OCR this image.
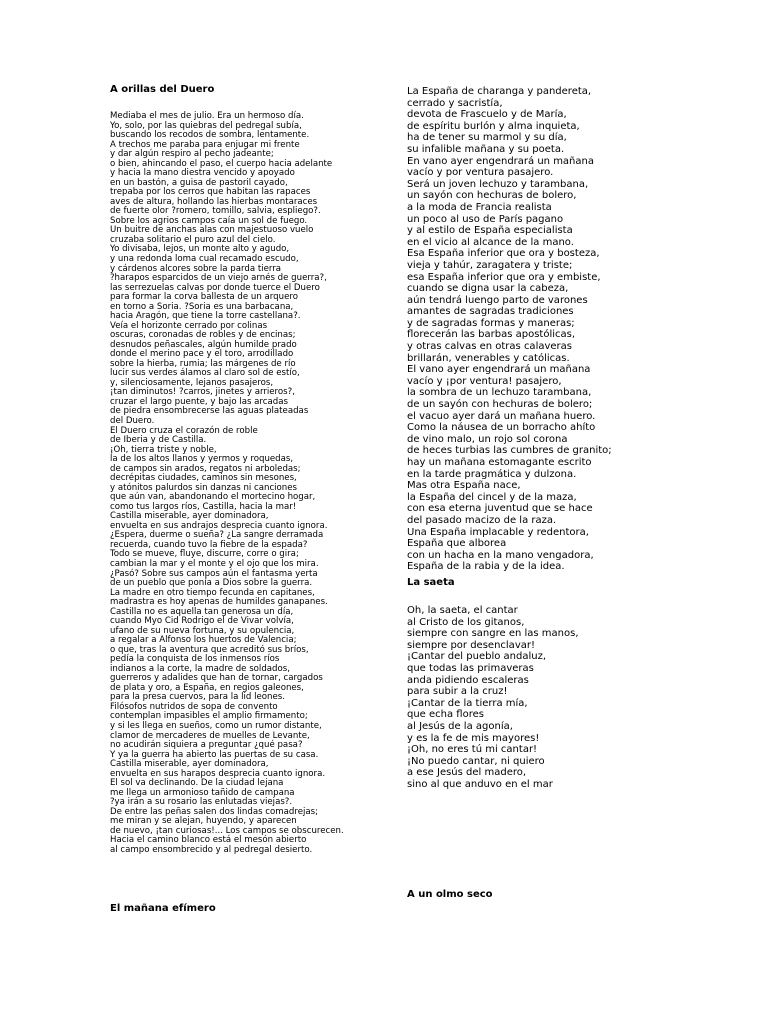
A orillas del Duero
Mediaba el mes de julio. Era un hermoso día.
Yo, solo, por las quiebras del pedregal subía,
buscando los recodos de sombra, lentamente.
A trechos me paraba para enjugar mi frente
y dar algún respiro al pecho jadeante;
o bien, ahincando el paso, el cuerpo hacia adelante
y hacia la mano diestra vencido y apoyado
en un bastón, a guisa de pastoril cayado,
trepaba por los cerros que habitan las rapaces
aves de altura, hollando las hierbas montaraces
de fuerte olor ?romero, tomillo, salvia, espliego?.
Sobre los agrios campos caía un sol de fuego.
Un buitre de anchas alas con majestuoso vuelo
cruzaba solitario el puro azul del cielo.
Yo divisaba, lejos, un monte alto y agudo,
y una redonda loma cual recamado escudo,
y cárdenos alcores sobre la parda tierra
?harapos esparcidos de un viejo arnés de guerra?,
las serrezuelas calvas por donde tuerce el Duero
para formar la corva ballesta de un arquero
en torno a Soria. ?Soria es una barbacana,
hacia Aragón, que tiene la torre castellana?.
Veía el horizonte cerrado por colinas
oscuras, coronadas de robles y de encinas;
desnudos peñascales, algún humilde prado
donde el merino pace y el toro, arrodillado
sobre la hierba, rumia; las márgenes de río
lucir sus verdes álamos al claro sol de estío,
y, silenciosamente, lejanos pasajeros,
¡tan diminutos! ?carros, jinetes y arrieros?,
cruzar el largo puente, y bajo las arcadas
de piedra ensombrecerse las aguas plateadas
del Duero.
El Duero cruza el corazón de roble
de Iberia y de Castilla.
¡Oh, tierra triste y noble,
la de los altos llanos y yermos y roquedas,
de campos sin arados, regatos ni arboledas;
decrépitas ciudades, caminos sin mesones,
y atónitos palurdos sin danzas ni canciones
que aún van, abandonando el mortecino hogar,
como tus largos ríos, Castilla, hacia la mar!
Castilla miserable, ayer dominadora,
envuelta en sus andrajos desprecia cuanto ignora.
¿Espera, duerme o sueña? ¿La sangre derramada
recuerda, cuando tuvo la fiebre de la espada?
Todo se mueve, fluye, discurre, corre o gira;
cambian la mar y el monte y el ojo que los mira.
¿Pasó? Sobre sus campos aún el fantasma yerta
de un pueblo que ponía a Dios sobre la guerra.
La madre en otro tiempo fecunda en capitanes,
madrastra es hoy apenas de humildes ganapanes.
Castilla no es aquella tan generosa un día,
cuando Myo Cid Rodrigo el de Vivar volvía,
ufano de su nueva fortuna, y su opulencia,
a regalar a Alfonso los huertos de Valencia;
o que, tras la aventura que acreditó sus bríos,
pedía la conquista de los inmensos ríos
indianos a la corte, la madre de soldados,
guerreros y adalides que han de tornar, cargados
de plata y oro, a España, en regios galeones,
para la presa cuervos, para la lid leones.
Filósofos nutridos de sopa de convento
contemplan impasibles el amplio firmamento;
y si les llega en sueños, como un rumor distante,
clamor de mercaderes de muelles de Levante,
no acudirán siquiera a preguntar ¿qué pasa?
Y ya la guerra ha abierto las puertas de su casa.
Castilla miserable, ayer dominadora,
envuelta en sus harapos desprecia cuanto ignora.
El sol va declinando. De la ciudad lejana
me llega un armonioso tañido de campana
?ya irán a su rosario las enlutadas viejas?.
De entre las peñas salen dos lindas comadrejas;
me miran y se alejan, huyendo, y aparecen
de nuevo, ¡tan curiosas!... Los campos se obscurecen.
Hacia el camino blanco está el mesón abierto
al campo ensombrecido y al pedregal desierto.
El mañana efímero
La España de charanga y pandereta,
cerrado y sacristía,
devota de Frascuelo y de María,
de espíritu burlón y alma inquieta,
ha de tener su marmol y su día,
su infalible mañana y su poeta.
En vano ayer engendrará un mañana
vacío y por ventura pasajero.
Será un joven lechuzo y tarambana,
un sayón con hechuras de bolero,
a la moda de Francia realista
un poco al uso de París pagano
y al estilo de España especialista
en el vicio al alcance de la mano.
Esa España inferior que ora y bosteza,
vieja y tahúr, zaragatera y triste;
esa España inferior que ora y embiste,
cuando se digna usar la cabeza,
aún tendrá luengo parto de varones
amantes de sagradas tradiciones
y de sagradas formas y maneras;
florecerán las barbas apostólicas,
y otras calvas en otras calaveras
brillarán, venerables y católicas.
El vano ayer engendrará un mañana
vacío y ¡por ventura! pasajero,
la sombra de un lechuzo tarambana,
de un sayón con hechuras de bolero;
el vacuo ayer dará un mañana huero.
Como la náusea de un borracho ahíto
de vino malo, un rojo sol corona
de heces turbias las cumbres de granito;
hay un mañana estomagante escrito
en la tarde pragmática y dulzona.
Mas otra España nace,
la España del cincel y de la maza,
con esa eterna juventud que se hace
del pasado macizo de la raza.
Una España implacable y redentora,
España que alborea
con un hacha en la mano vengadora,
España de la rabia y de la idea.
La saeta
Oh, la saeta, el cantar
al Cristo de los gitanos,
siempre con sangre en las manos,
siempre por desenclavar!
¡Cantar del pueblo andaluz,
que todas las primaveras
anda pidiendo escaleras
para subir a la cruz!
¡Cantar de la tierra mía,
que echa flores
al Jesús de la agonía,
y es la fe de mis mayores!
¡Oh, no eres tú mi cantar!
¡No puedo cantar, ni quiero
a ese Jesús del madero,
sino al que anduvo en el mar
A un olmo seco
